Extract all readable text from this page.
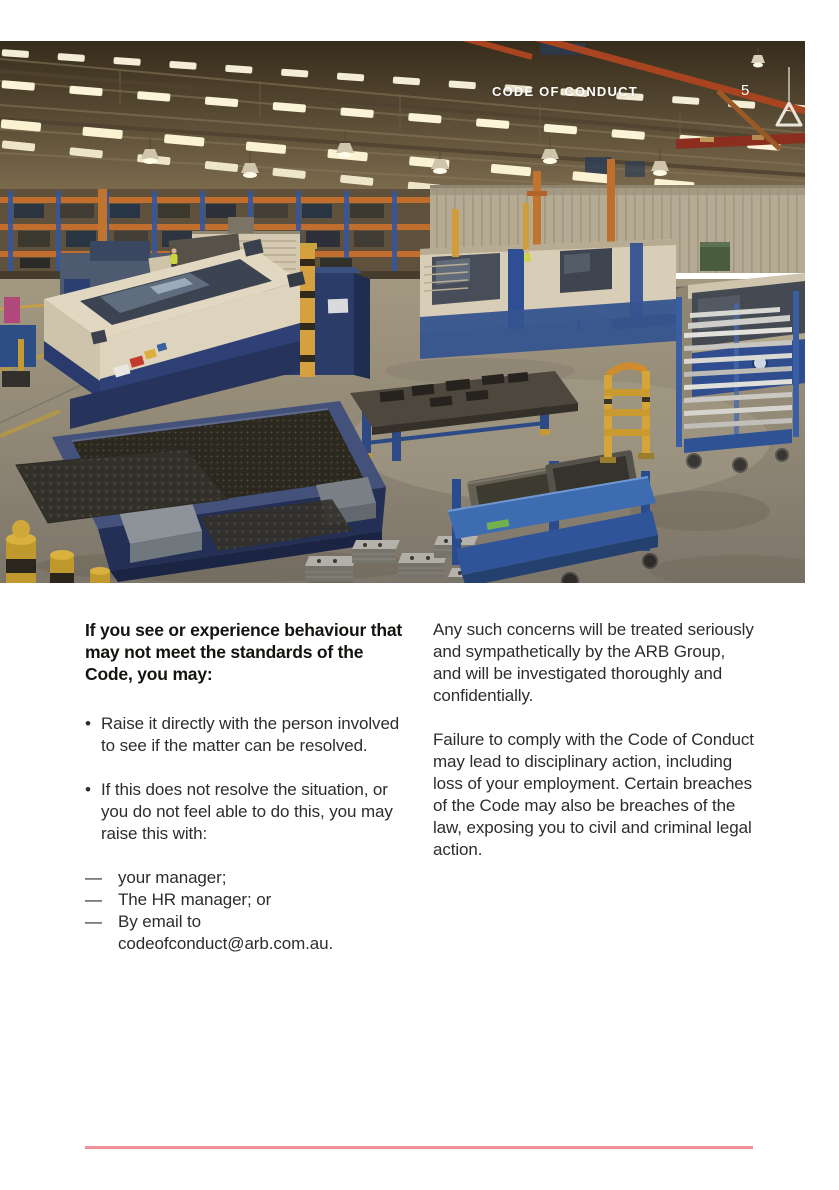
CODE OF CONDUCT	5
If you see or experience behaviour that may not meet the standards of the Code, you may:
• Raise it directly with the person involved to see if the matter can be resolved.
• If this does not resolve the situation, or you do not feel able to do this, you may raise this with:
— your manager;
— The HR manager; or
— By email to codeofconduct@arb.com.au.

Any such concerns will be treated seriously and sympathetically by the ARB Group, and will be investigated thoroughly and confidentially.

Failure to comply with the Code of Conduct may lead to disciplinary action, including loss of your employment. Certain breaches of the Code may also be breaches of the law, exposing you to civil and criminal legal action.
